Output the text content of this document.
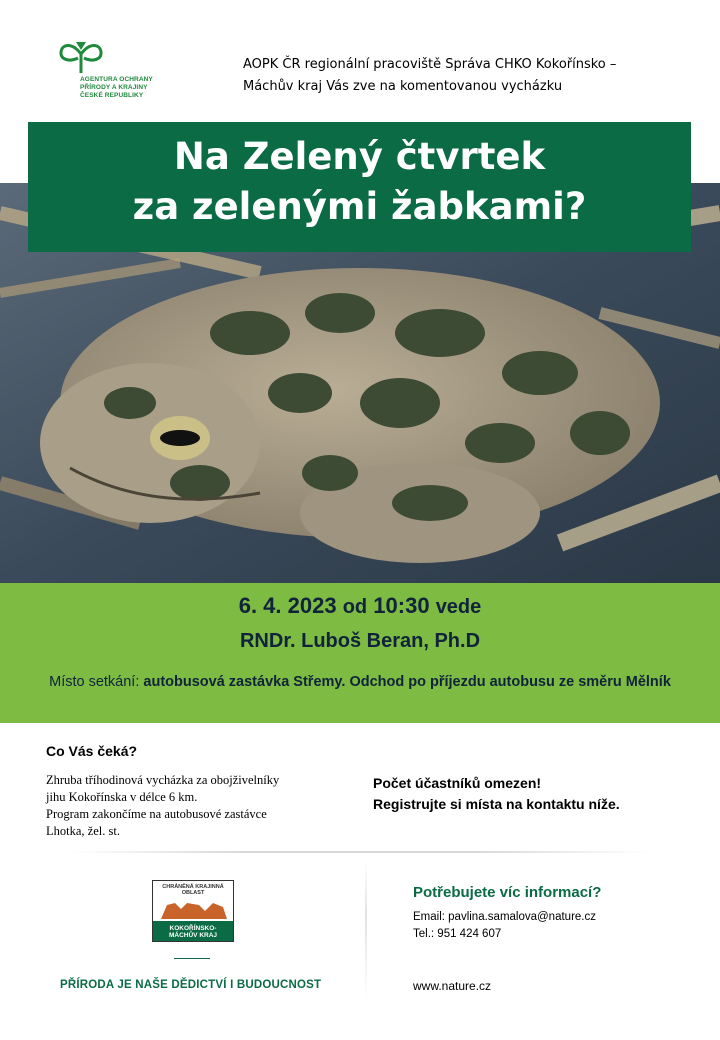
AGENTURA OCHRANY
PŘÍRODY A KRAJINY
ČESKÉ REPUBLIKY
AOPK ČR regionální pracoviště Správa CHKO Kokořínsko –
Máchův kraj Vás zve na komentovanou vycházku
Na Zelený čtvrtek
za zelenými žabkami?
6. 4. 2023 od 10:30 vede
RNDr. Luboš Beran, Ph.D
Místo setkání: autobusová zastávka Střemy. Odchod po příjezdu autobusu ze směru Mělník
Co Vás čeká?
Zhruba tříhodinová vycházka za obojživelníky
jihu Kokořínska v délce 6 km.
Program zakončíme na autobusové zastávce
Lhotka, žel. st.
Počet účastníků omezen!
Registrujte si místa na kontaktu níže.
CHRÁNĚNÁ KRAJINNÁ
OBLAST
KOKOŘÍNSKO-
MÁCHŮV KRAJ
PŘÍRODA JE NAŠE DĚDICTVÍ I BUDOUCNOST
Potřebujete víc informací?
Email: pavlina.samalova@nature.cz
Tel.: 951 424 607
www.nature.cz
